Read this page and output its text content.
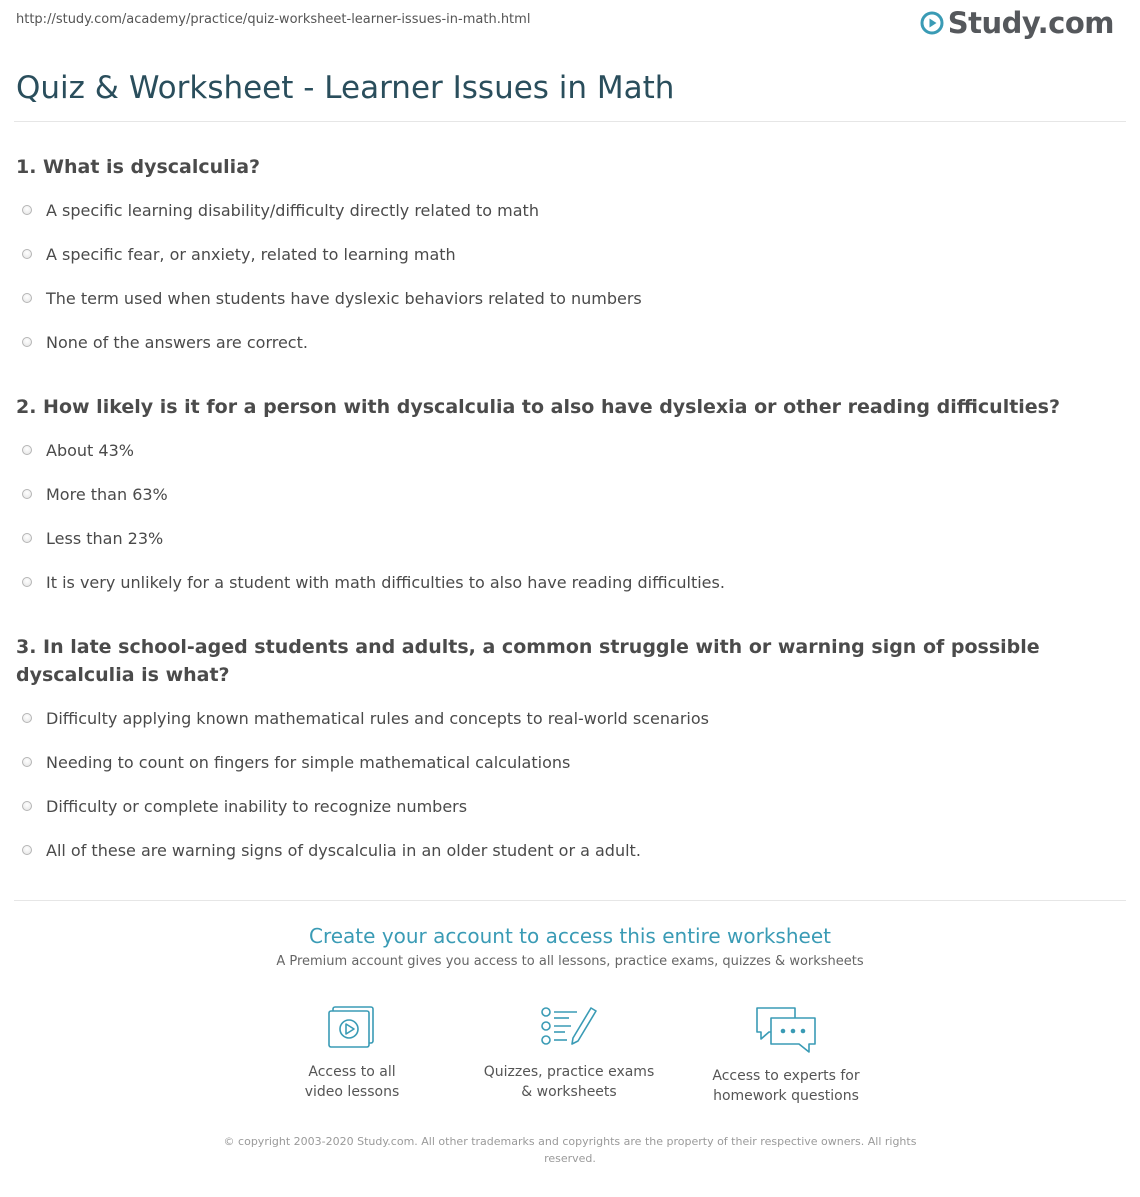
http://study.com/academy/practice/quiz-worksheet-learner-issues-in-math.html	Study.com
Quiz & Worksheet - Learner Issues in Math
1. What is dyscalculia?
A specific learning disability/difficulty directly related to math
A specific fear, or anxiety, related to learning math
The term used when students have dyslexic behaviors related to numbers
None of the answers are correct.
2. How likely is it for a person with dyscalculia to also have dyslexia or other reading difficulties?
About 43%
More than 63%
Less than 23%
It is very unlikely for a student with math difficulties to also have reading difficulties.
3. In late school-aged students and adults, a common struggle with or warning sign of possible dyscalculia is what?
Difficulty applying known mathematical rules and concepts to real-world scenarios
Needing to count on fingers for simple mathematical calculations
Difficulty or complete inability to recognize numbers
All of these are warning signs of dyscalculia in an older student or a adult.
Create your account to access this entire worksheet
A Premium account gives you access to all lessons, practice exams, quizzes & worksheets
Access to all
video lessons
Quizzes, practice exams
& worksheets
Access to experts for
homework questions
© copyright 2003-2020 Study.com. All other trademarks and copyrights are the property of their respective owners. All rights
reserved.
